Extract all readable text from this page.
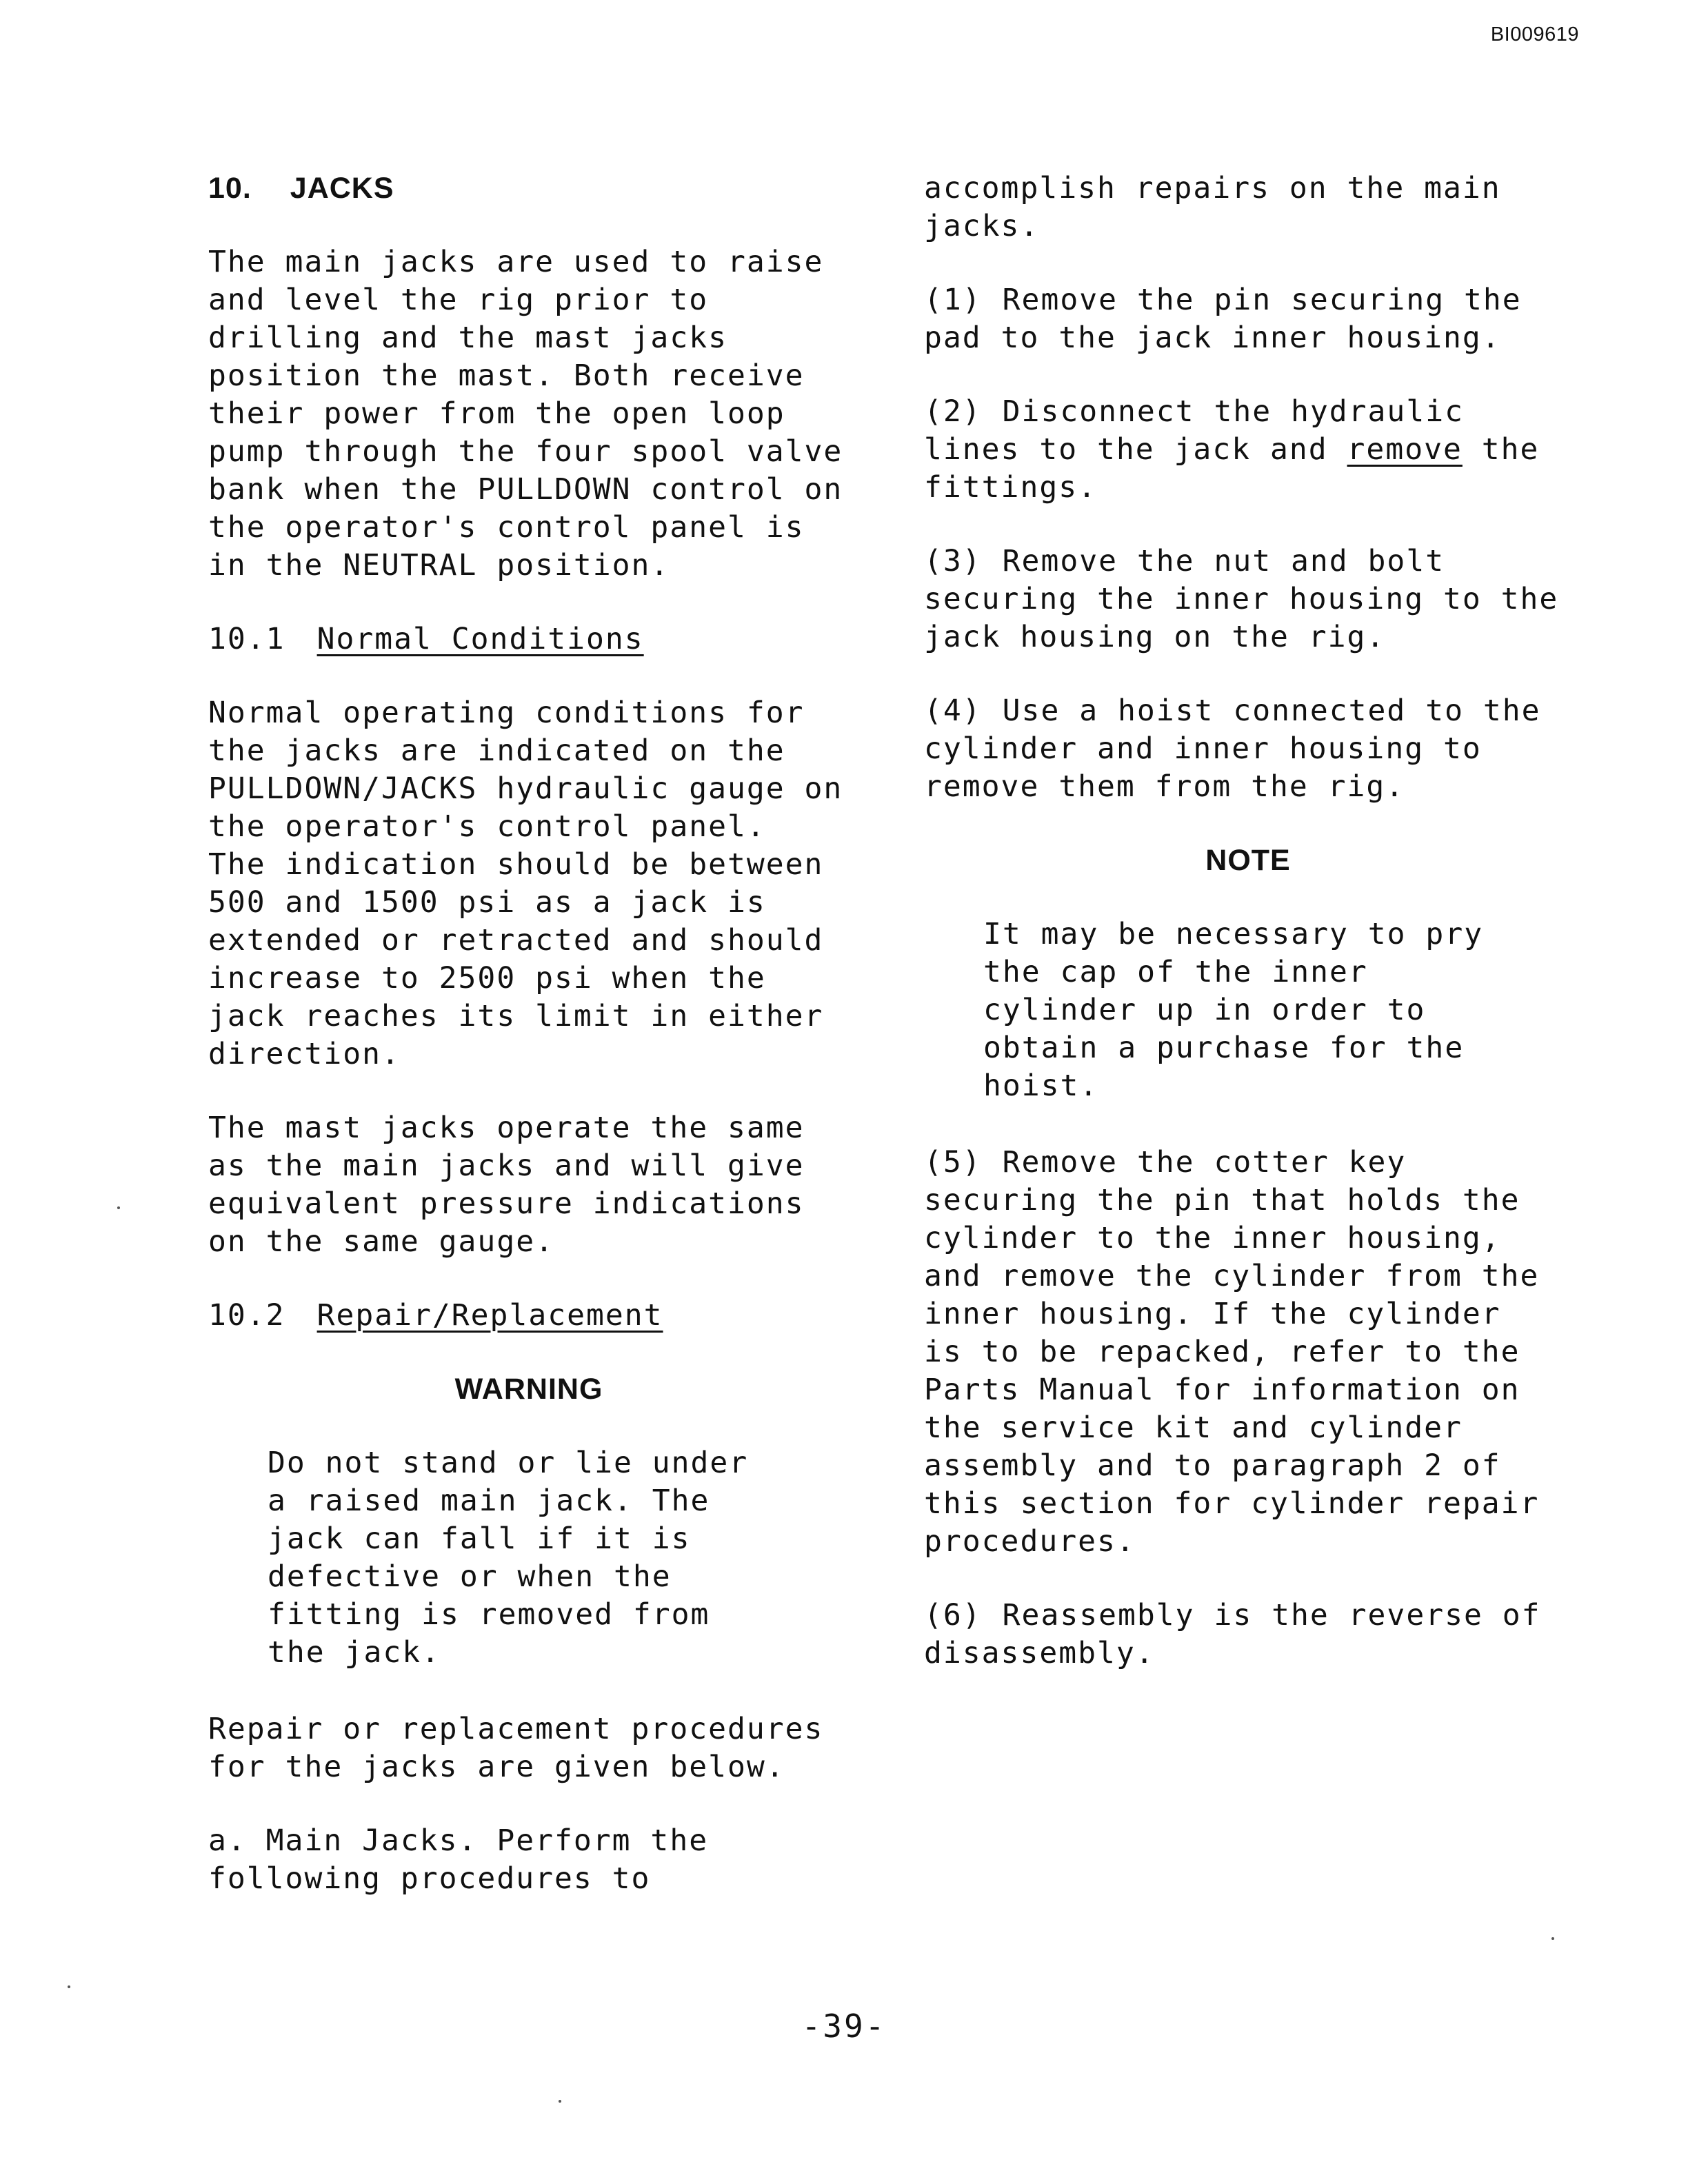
BI009619
10. JACKS

The main jacks are used to raise
and level the rig prior to
drilling and the mast jacks
position the mast. Both receive
their power from the open loop
pump through the four spool valve
bank when the PULLDOWN control on
the operator's control panel is
in the NEUTRAL position.

10.1 Normal Conditions

Normal operating conditions for
the jacks are indicated on the
PULLDOWN/JACKS hydraulic gauge on
the operator's control panel.
The indication should be between
500 and 1500 psi as a jack is
extended or retracted and should
increase to 2500 psi when the
jack reaches its limit in either
direction.

The mast jacks operate the same
as the main jacks and will give
equivalent pressure indications
on the same gauge.

10.2 Repair/Replacement

WARNING

Do not stand or lie under
a raised main jack. The
jack can fall if it is
defective or when the
fitting is removed from
the jack.

Repair or replacement procedures
for the jacks are given below.

a. Main Jacks. Perform the
following procedures to

accomplish repairs on the main
jacks.

(1) Remove the pin securing the
pad to the jack inner housing.

(2) Disconnect the hydraulic
lines to the jack and remove the
fittings.

(3) Remove the nut and bolt
securing the inner housing to the
jack housing on the rig.

(4) Use a hoist connected to the
cylinder and inner housing to
remove them from the rig.

NOTE

It may be necessary to pry
the cap of the inner
cylinder up in order to
obtain a purchase for the
hoist.

(5) Remove the cotter key
securing the pin that holds the
cylinder to the inner housing,
and remove the cylinder from the
inner housing. If the cylinder
is to be repacked, refer to the
Parts Manual for information on
the service kit and cylinder
assembly and to paragraph 2 of
this section for cylinder repair
procedures.

(6) Reassembly is the reverse of
disassembly.

-39-
